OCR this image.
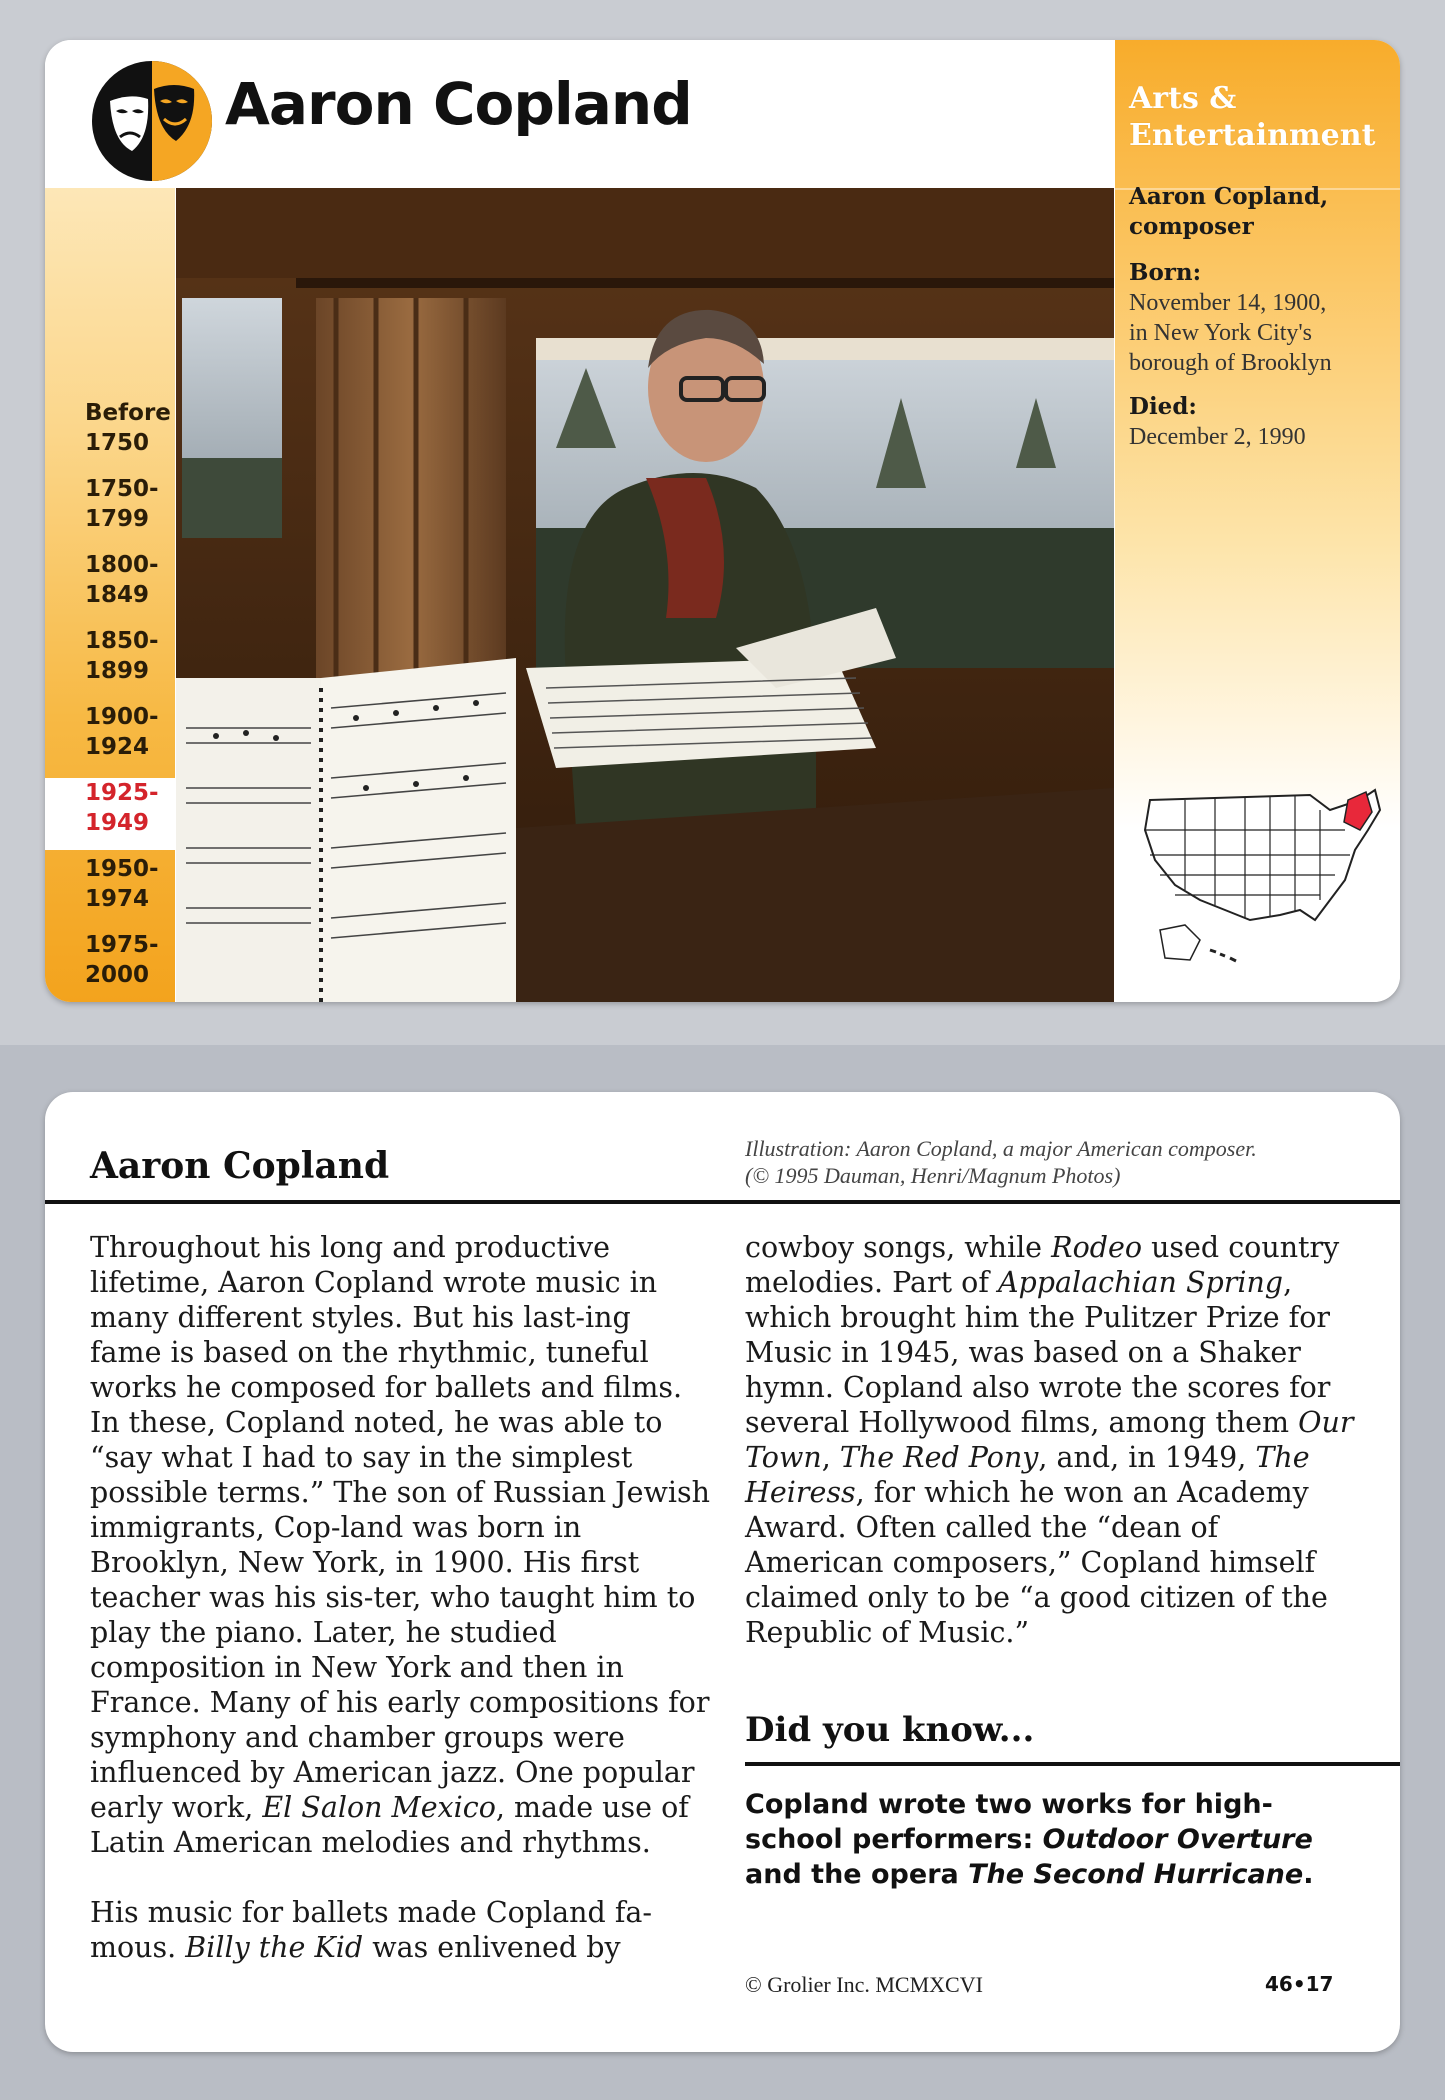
Aaron Copland
Before
1750
1750-
1799
1800-
1849
1850-
1899
1900-
1924
1925-
1949
1950-
1974
1975-
2000
Arts &
Entertainment
Aaron Copland,
composer
Born:
November 14, 1900,
in New York City's
borough of Brooklyn
Died:
December 2, 1990
Aaron Copland	Illustration: Aaron Copland, a major American composer.
(© 1995 Dauman, Henri/Magnum Photos)

Throughout his long and productive lifetime, Aaron Copland wrote music in many different styles. But his last-ing fame is based on the rhythmic, tuneful works he composed for ballets and films. In these, Copland noted, he was able to “say what I had to say in the simplest possible terms.” The son of Russian Jewish immigrants, Cop-land was born in Brooklyn, New York, in 1900. His first teacher was his sis-ter, who taught him to play the piano. Later, he studied composition in New York and then in France. Many of his early compositions for symphony and chamber groups were influenced by American jazz. One popular early work, El Salon Mexico, made use of Latin American melodies and rhythms.

His music for ballets made Copland fa-mous. Billy the Kid was enlivened by

cowboy songs, while Rodeo used country melodies. Part of Appalachian Spring, which brought him the Pulitzer Prize for Music in 1945, was based on a Shaker hymn. Copland also wrote the scores for several Hollywood films, among them Our Town, The Red Pony, and, in 1949, The Heiress, for which he won an Academy Award. Often called the “dean of American composers,” Copland himself claimed only to be “a good citizen of the Republic of Music.”

Did you know...
Copland wrote two works for high-school performers: Outdoor Overture and the opera The Second Hurricane.
© Grolier Inc. MCMXCVI	46•17
